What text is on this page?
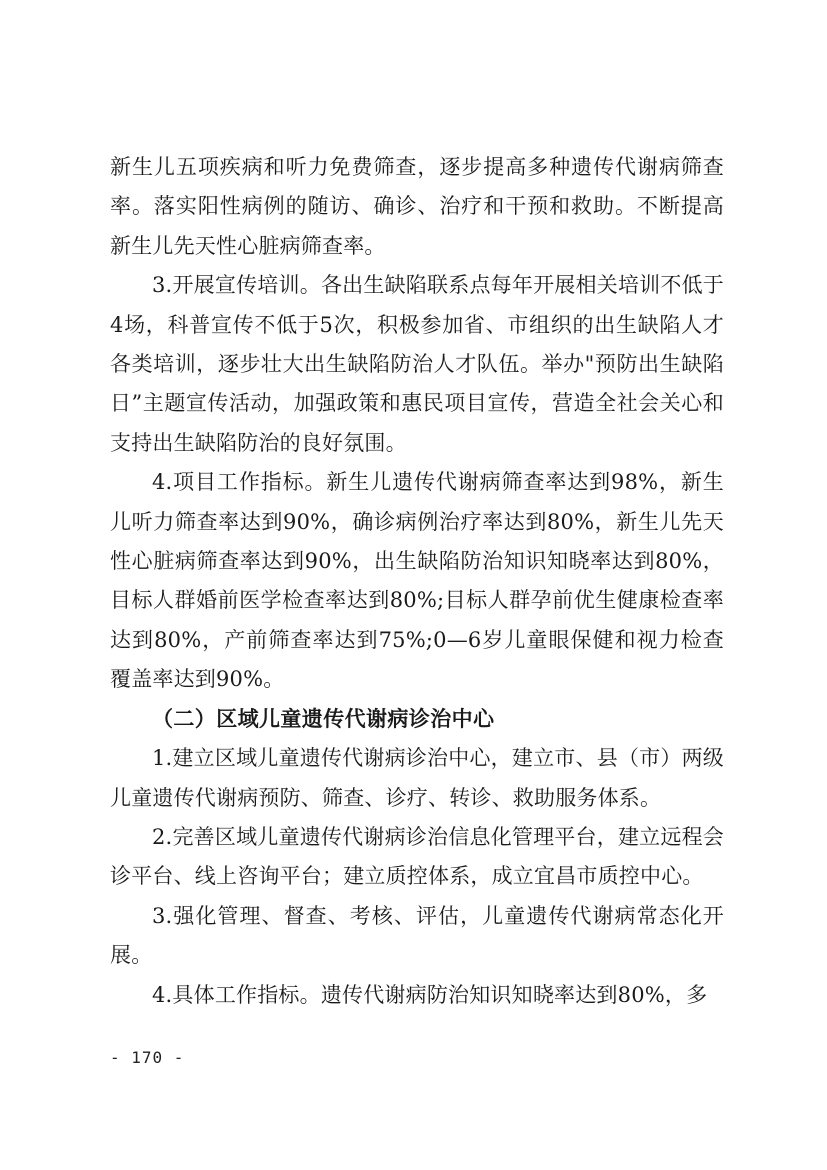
新生儿五项疾病和听力免费筛查，逐步提高多种遗传代谢病筛查率。落实阳性病例的随访、确诊、治疗和干预和救助。不断提高新生儿先天性心脏病筛查率。

3.开展宣传培训。各出生缺陷联系点每年开展相关培训不低于4场，科普宣传不低于5次，积极参加省、市组织的出生缺陷人才各类培训，逐步壮大出生缺陷防治人才队伍。举办"预防出生缺陷日”主题宣传活动，加强政策和惠民项目宣传，营造全社会关心和支持出生缺陷防治的良好氛围。

4.项目工作指标。新生儿遗传代谢病筛查率达到98%，新生儿听力筛查率达到90%，确诊病例治疗率达到80%，新生儿先天性心脏病筛查率达到90%，出生缺陷防治知识知晓率达到80%，目标人群婚前医学检查率达到80%;目标人群孕前优生健康检查率达到80%，产前筛查率达到75%;0—6岁儿童眼保健和视力检查覆盖率达到90%。

（二）区域儿童遗传代谢病诊治中心

1.建立区域儿童遗传代谢病诊治中心，建立市、县（市）两级儿童遗传代谢病预防、筛查、诊疗、转诊、救助服务体系。

2.完善区域儿童遗传代谢病诊治信息化管理平台，建立远程会诊平台、线上咨询平台；建立质控体系，成立宜昌市质控中心。

3.强化管理、督查、考核、评估，儿童遗传代谢病常态化开展。

4.具体工作指标。遗传代谢病防治知识知晓率达到80%，多

- 170 -
